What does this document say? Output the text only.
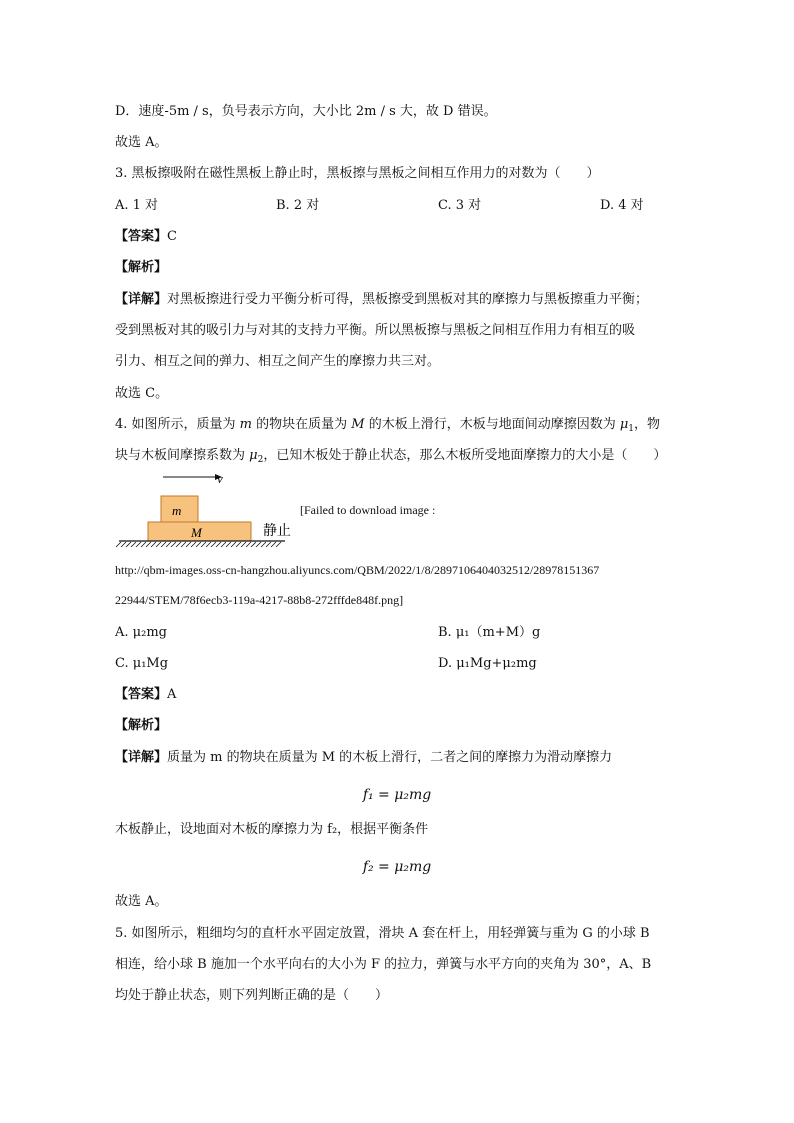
D．速度-5m / s，负号表示方向，大小比 2m / s 大，故 D 错误。
故选 A。
3. 黑板擦吸附在磁性黑板上静止时，黑板擦与黑板之间相互作用力的对数为（　　）
A. 1 对	B. 2 对	C. 3 对	D. 4 对
【答案】C
【解析】
【详解】对黑板擦进行受力平衡分析可得，黑板擦受到黑板对其的摩擦力与黑板擦重力平衡；
受到黑板对其的吸引力与对其的支持力平衡。所以黑板擦与黑板之间相互作用力有相互的吸
引力、相互之间的弹力、相互之间产生的摩擦力共三对。
故选 C。
4. 如图所示，质量为 m 的物块在质量为 M 的木板上滑行，木板与地面间动摩擦因数为 $\mu_1$，物
块与木板间摩擦系数为 $\mu_2$，已知木板处于静止状态，那么木板所受地面摩擦力的大小是（　　）
v
m
M	静止
[Failed to download image :
http://qbm-images.oss-cn-hangzhou.aliyuncs.com/QBM/2022/1/8/2897106404032512/28978151367
22944/STEM/78f6ecb3-119a-4217-88b8-272fffde848f.png]
A. μ₂mg	B. μ₁（m+M）g
C. μ₁Mg	D. μ₁Mg+μ₂mg
【答案】A
【解析】
【详解】质量为 m 的物块在质量为 M 的木板上滑行，二者之间的摩擦力为滑动摩擦力
f₁ = μ₂mg
木板静止，设地面对木板的摩擦力为 f₂，根据平衡条件
f₂ = μ₂mg
故选 A。
5. 如图所示，粗细均匀的直杆水平固定放置，滑块 A 套在杆上，用轻弹簧与重为 G 的小球 B
相连，给小球 B 施加一个水平向右的大小为 F 的拉力，弹簧与水平方向的夹角为 30°，A、B
均处于静止状态，则下列判断正确的是（　　）
